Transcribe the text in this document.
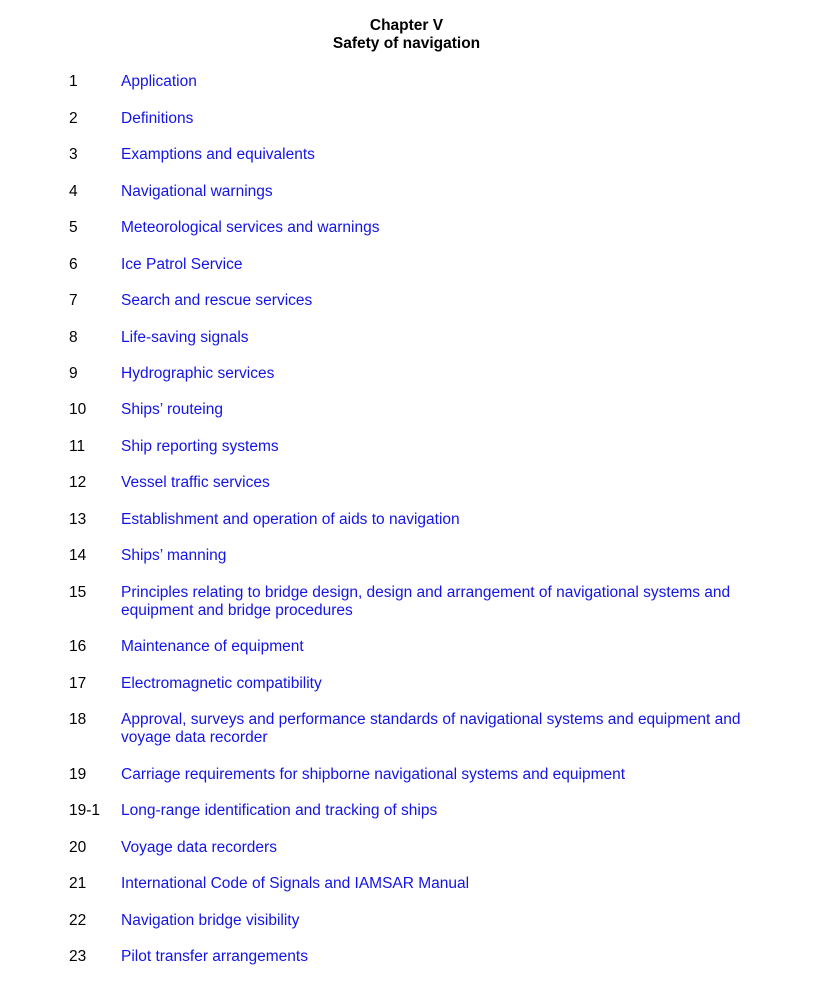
Chapter V
Safety of navigation
1	Application
2	Definitions
3	Examptions and equivalents
4	Navigational warnings
5	Meteorological services and warnings
6	Ice Patrol Service
7	Search and rescue services
8	Life-saving signals
9	Hydrographic services
10 Ships’ routeing
11 Ship reporting systems
12 Vessel traffic services
13 Establishment and operation of aids to navigation
14 Ships’ manning
15 Principles relating to bridge design, design and arrangement of navigational systems and equipment and bridge procedures
16 Maintenance of equipment
17 Electromagnetic compatibility
18 Approval, surveys and performance standards of navigational systems and equipment and voyage data recorder
19 Carriage requirements for shipborne navigational systems and equipment
19-1 Long-range identification and tracking of ships
20 Voyage data recorders
21 International Code of Signals and IAMSAR Manual
22 Navigation bridge visibility
23 Pilot transfer arrangements
